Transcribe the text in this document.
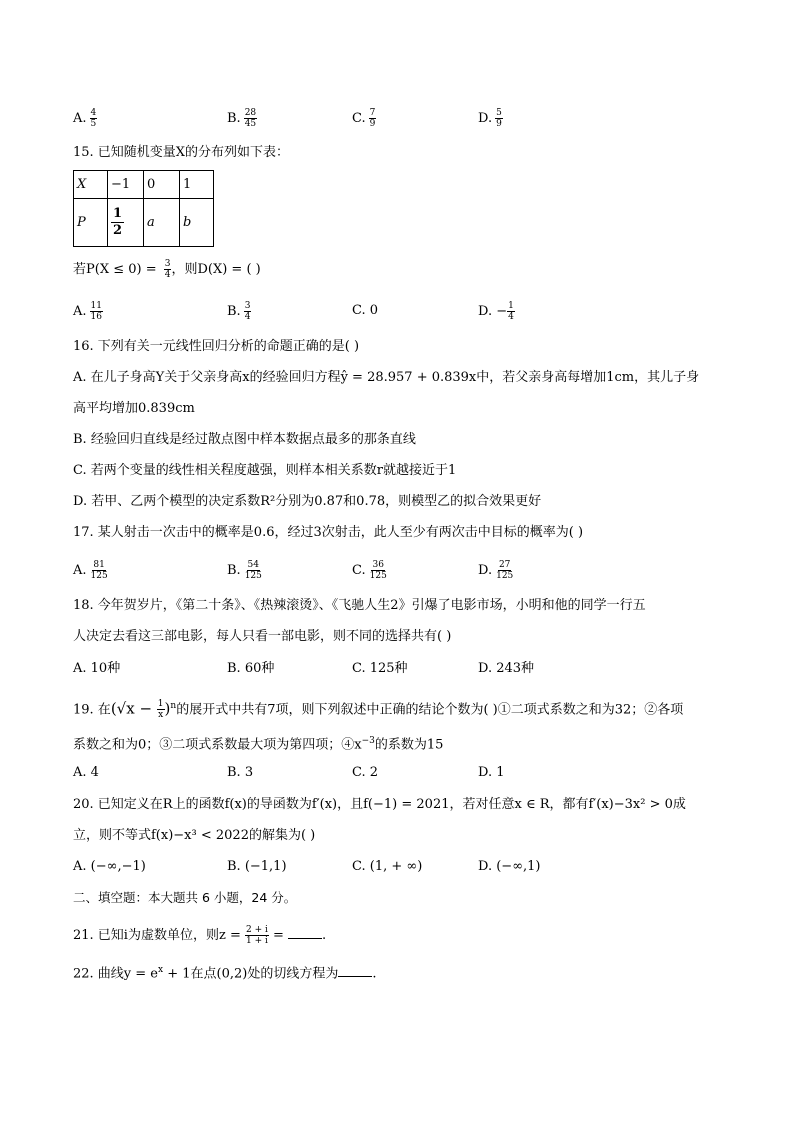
A. $\frac{4}{5}$	B. $\frac{28}{45}$	C. $\frac{7}{9}$	D. $\frac{5}{9}$
15. 已知随机变量X的分布列如下表：
X	−1	0	1
P	$\frac{1}{2}$	a	b
若$P(X \le 0) = \frac{3}{4}$ ，则D(X) = ( )
A. $\frac{11}{16}$	B. $\frac{3}{4}$	C. 0	D. − $\frac{1}{4}$
16. 下列有关一元线性回归分析的命题正确的是( )
A. 在儿子身高Y关于父亲身高x的经验回归方程ŷ = 28.957 + 0.839x中，若父亲身高每增加1cm，其儿子身
高平均增加0.839cm
B. 经验回归直线是经过散点图中样本数据点最多的那条直线
C. 若两个变量的线性相关程度越强，则样本相关系数r就越接近于1
D. 若甲、乙两个模型的决定系数R²分别为0.87和0.78，则模型乙的拟合效果更好
17. 某人射击一次击中的概率是0.6，经过3次射击，此人至少有两次击中目标的概率为( )
A. $\frac{81}{125}$	B. $\frac{54}{125}$	C. $\frac{36}{125}$	D. $\frac{27}{125}$
18. 今年贺岁片，《第二十条》、《热辣滚烫》、《飞驰人生2》引爆了电影市场，小明和他的同学一行五
人决定去看这三部电影，每人只看一部电影，则不同的选择共有( )
A. 10种	B. 60种	C. 125种	D. 243种
19. 在$(√x - \frac{1}{x} )^n$的展开式中共有7项，则下列叙述中正确的结论个数为( )①二项式系数之和为32；②各项
系数之和为0；③二项式系数最大项为第四项；$④x^{-3}$的系数为15
A. 4	B. 3	C. 2	D. 1
20. 已知定义在R上的函数f(x)的导函数为f′(x)，且f(−1) = 2021，若对任意x ∈ R，都有f′(x)−3x² > 0成
立，则不等式f(x)−x³ < 2022的解集为( )
A. (−∞,−1)	B. (−1,1)	C. (1, + ∞)	D. (−∞,1)
二、填空题：本大题共 6 小题，24 分。
21. 已知i为虚数单位，则$z = \frac{2 + i}{1 + i}$ =	.
22. 曲线$y = e^x + 1$在点(0,2)处的切线方程为	.
